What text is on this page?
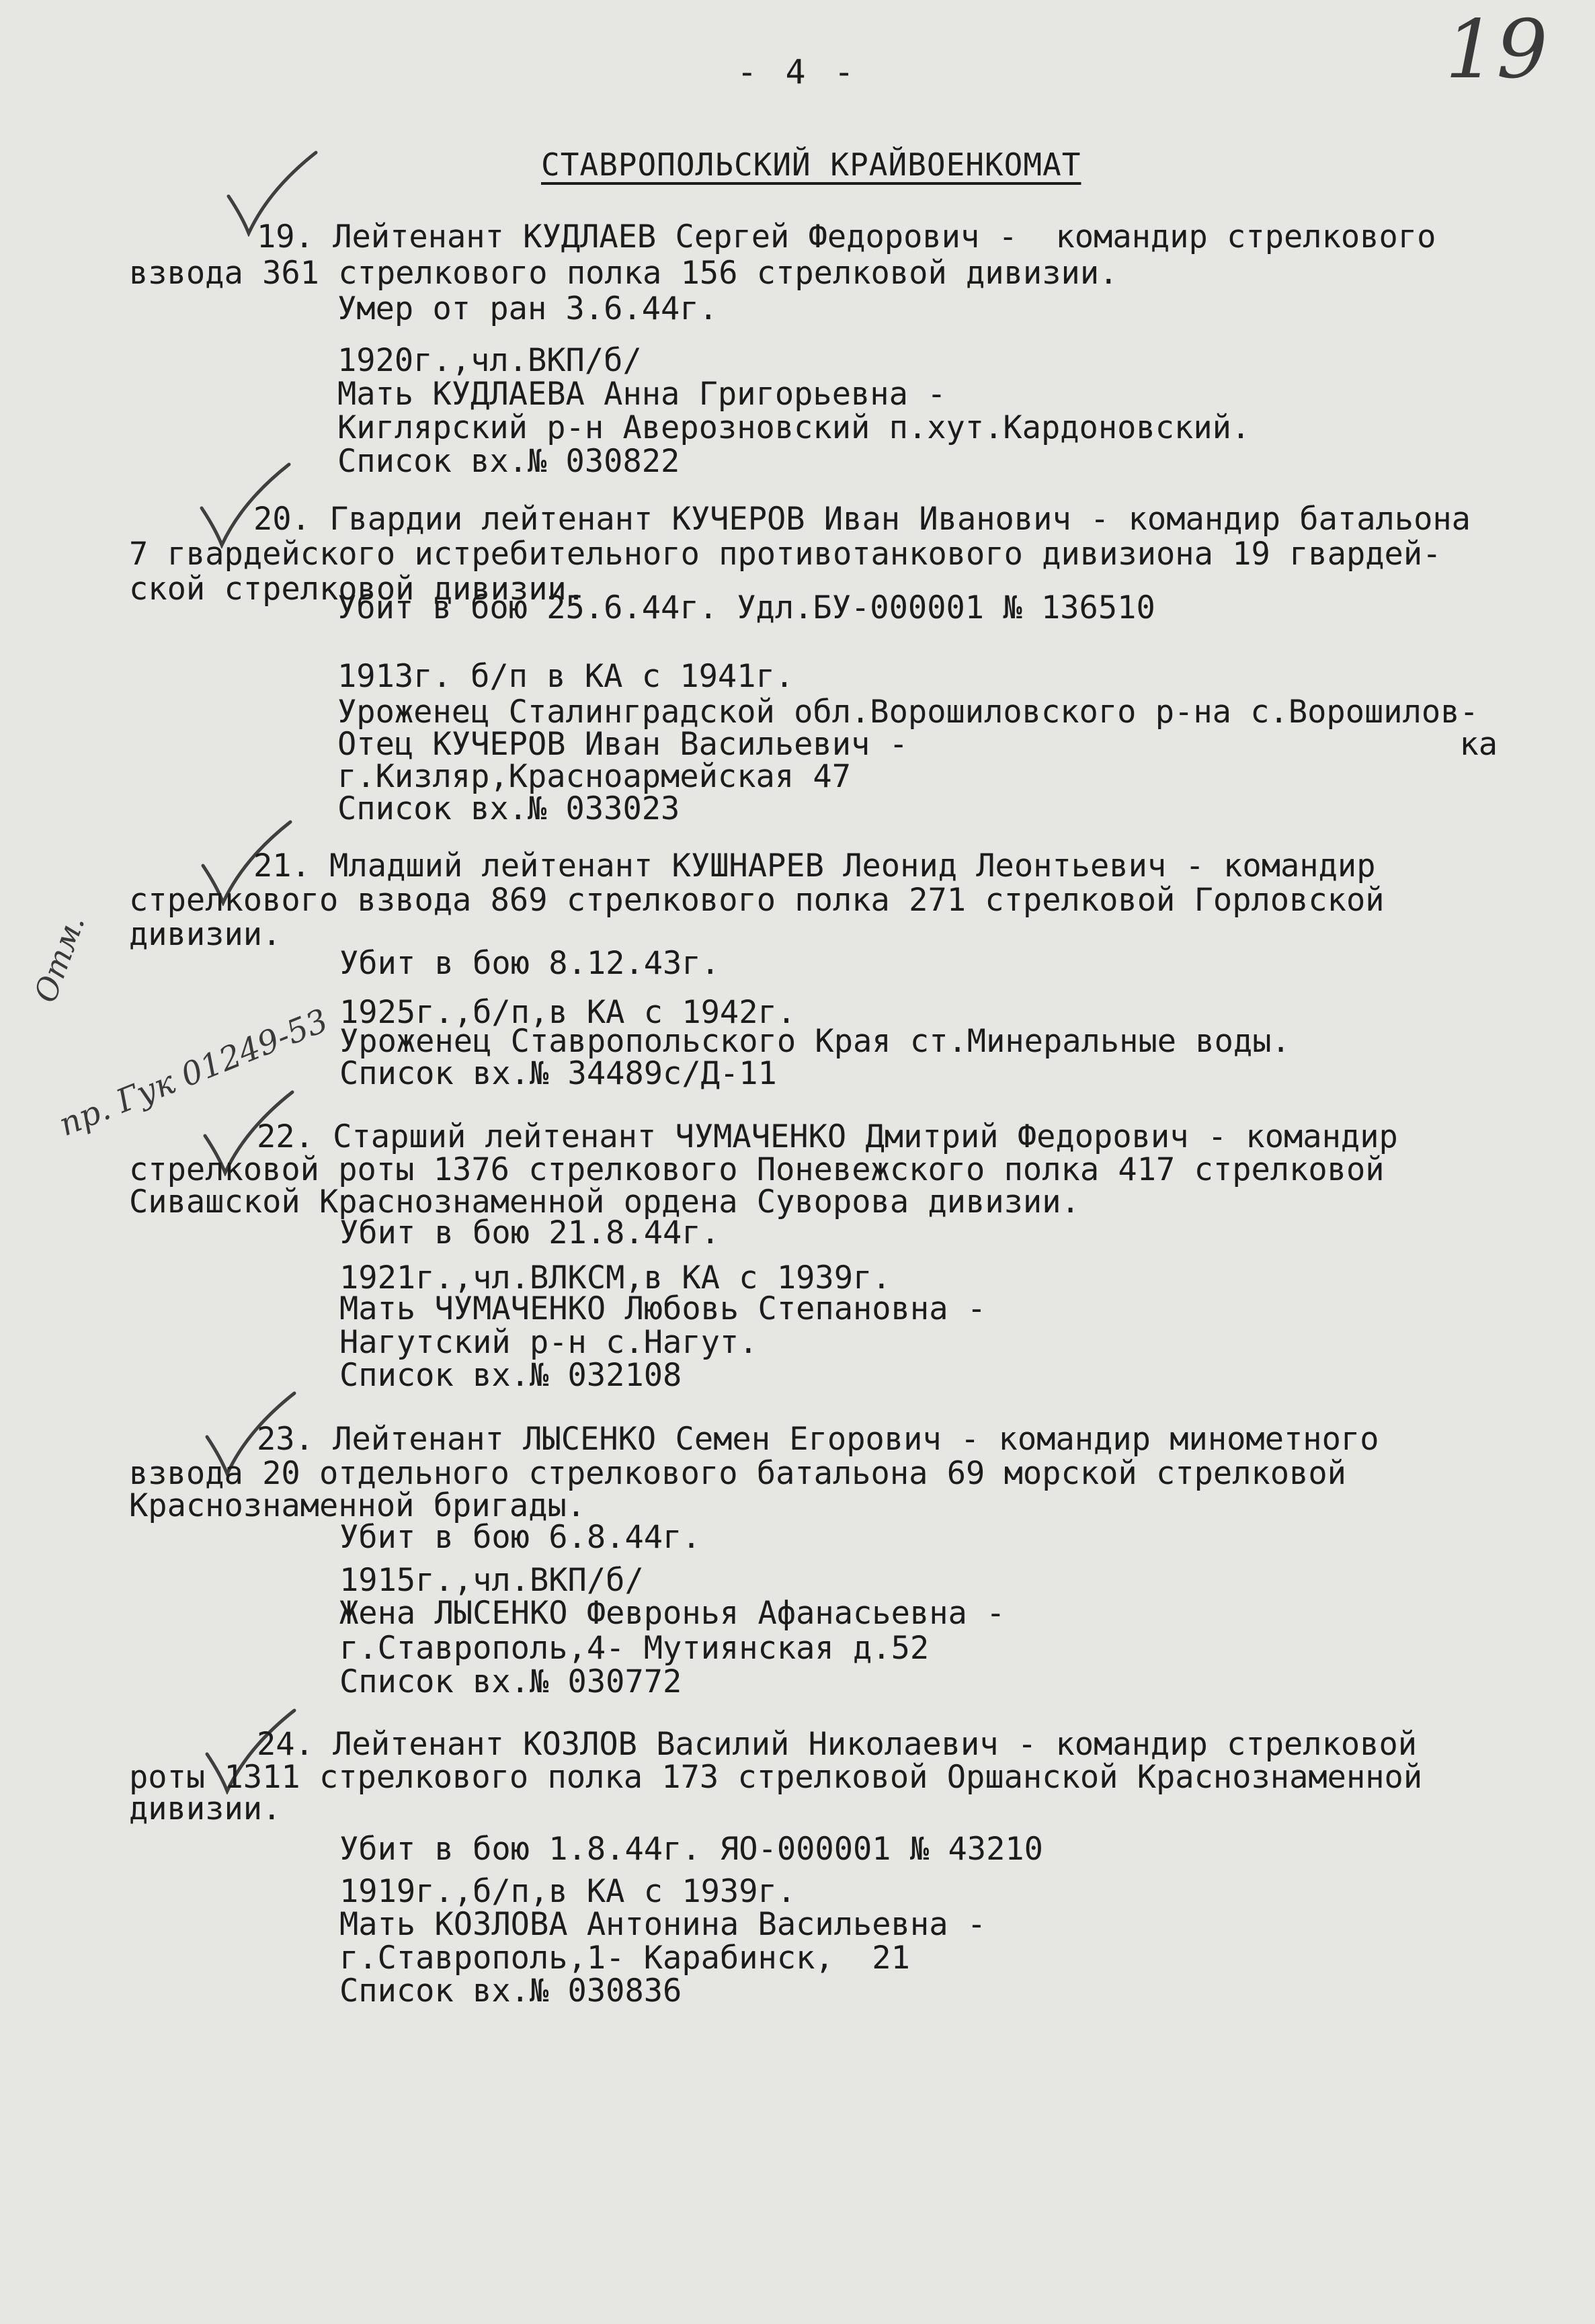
- 4 -	19
СТАВРОПОЛЬСКИЙ КРАЙВОЕНКОМАТ
Отм.
пр. Гук 01249-53
19. Лейтенант КУДЛАЕВ Сергей Федорович -  командир стрелкового
взвода 361 стрелкового полка 156 стрелковой дивизии.
Умер от ран 3.6.44г.
1920г.,чл.ВКП/б/
Мать КУДЛАЕВА Анна Григорьевна -
Киглярский р-н Аверозновский п.хут.Кардоновский.
Список вх.№ 030822
20. Гвардии лейтенант КУЧЕРОВ Иван Иванович - командир батальона
7 гвардейского истребительного противотанкового дивизиона 19 гвардей-
ской стрелковой дивизии.
Убит в бою 25.6.44г. Удл.БУ-000001 № 136510
1913г. б/п в КА с 1941г.
Уроженец Сталинградской обл.Ворошиловского р-на с.Ворошилов-
Отец КУЧЕРОВ Иван Васильевич -                             ка
г.Кизляр,Красноармейская 47
Список вх.№ 033023
21. Младший лейтенант КУШНАРЕВ Леонид Леонтьевич - командир
стрелкового взвода 869 стрелкового полка 271 стрелковой Горловской
дивизии.
Убит в бою 8.12.43г.
1925г.,б/п,в КА с 1942г.
Уроженец Ставропольского Края ст.Минеральные воды.
Список вх.№ 34489с/Д-11
22. Старший лейтенант ЧУМАЧЕНКО Дмитрий Федорович - командир
стрелковой роты 1376 стрелкового Поневежского полка 417 стрелковой
Сивашской Краснознаменной ордена Суворова дивизии.
Убит в бою 21.8.44г.
1921г.,чл.ВЛКСМ,в КА с 1939г.
Мать ЧУМАЧЕНКО Любовь Степановна -
Нагутский р-н с.Нагут.
Список вх.№ 032108
23. Лейтенант ЛЫСЕНКО Семен Егорович - командир минометного
взвода 20 отдельного стрелкового батальона 69 морской стрелковой
Краснознаменной бригады.
Убит в бою 6.8.44г.
1915г.,чл.ВКП/б/
Жена ЛЫСЕНКО Февронья Афанасьевна -
г.Ставрополь,4- Мутиянская д.52
Список вх.№ 030772
24. Лейтенант КОЗЛОВ Василий Николаевич - командир стрелковой
роты 1311 стрелкового полка 173 стрелковой Оршанской Краснознаменной
дивизии.
Убит в бою 1.8.44г. ЯО-000001 № 43210
1919г.,б/п,в КА с 1939г.
Мать КОЗЛОВА Антонина Васильевна -
г.Ставрополь,1- Карабинск,  21
Список вх.№ 030836
